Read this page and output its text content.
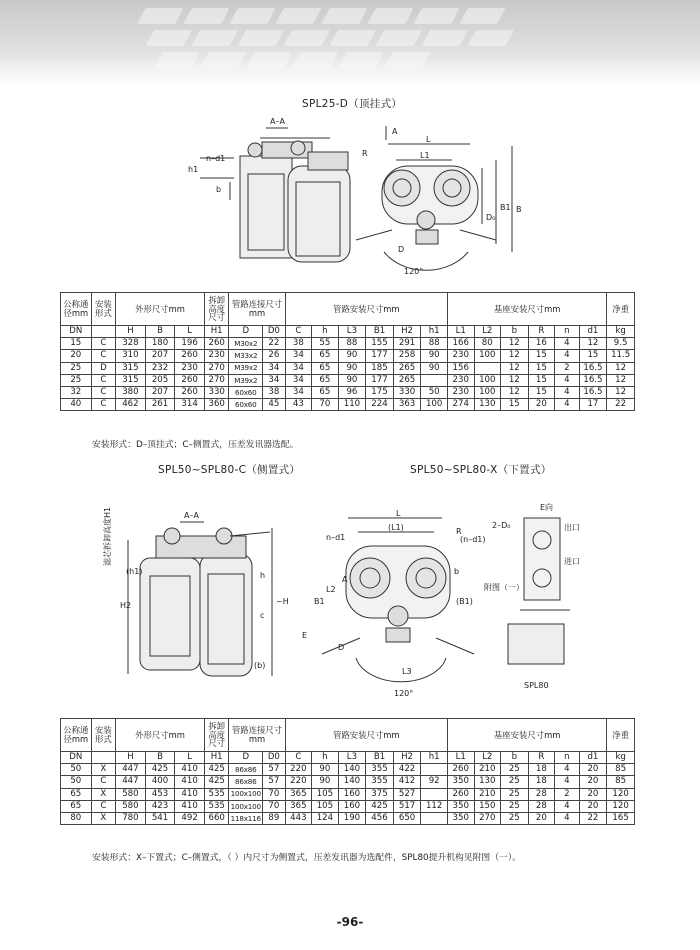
SPL25-D（顶挂式）
A–A
h1
n–d1
b
A
L
L1
R
D₀
B1 B
D
120°
公称通径mm	安装形式	外形尺寸mm			拆卸高度尺寸	管路连接尺寸mm		管路安装尺寸mm						基座安装尺寸mm						净重
DN		H	B	L	H1	D	D0	C	h	L3	B1	H2	h1	L1	L2	b	R	n	d1	kg
15	C	328	180	196	260	M30x2	22	38	55	88	155	291	88	166	80	12	16	4	12	9.5
20	C	310	207	260	230	M33x2	26	34	65	90	177	258	90	230	100	12	15	4	15	11.5
25	D	315	232	230	270	M39x2	34	34	65	90	185	265	90	156		12	15	2	16.5	12
25	C	315	205	260	270	M39x2	34	34	65	90	177	265		230	100	12	15	4	16.5	12
32	C	380	207	260	330	60x60	38	34	65	96	175	330	50	230	100	12	15	4	16.5	12
40	C	462	261	314	360	60x60	45	43	70	110	224	363	100	274	130	15	20	4	17	22
安装形式：D–顶挂式；C–侧置式，压差发讯器选配。
SPL50~SPL80-C（侧置式）	SPL50~SPL80-X（下置式）
滤芯拆卸高度H1	A–A
(h1)	h
c
H2	~H
(b)
L
(L1)
n–d1	(n–d1)
R
A
L2
B1	(B1)
b
E
D
L3
120°
E向
2–D₀	出口
进口
附图（一）
SPL80
公称通径mm	安装形式	外形尺寸mm			拆卸高度尺寸	管路连接尺寸mm		管路安装尺寸mm						基座安装尺寸mm						净重
DN		H	B	L	H1	D	D0	C	h	L3	B1	H2	h1	L1	L2	b	R	n	d1	kg
50	X	447	425	410	425	86x86	57	220	90	140	355	422		260	210	25	18	4	20	85
50	C	447	400	410	425	86x86	57	220	90	140	355	412	92	350	130	25	18	4	20	85
65	X	580	453	410	535	100x100	70	365	105	160	375	527		260	210	25	28	2	20	120
65	C	580	423	410	535	100x100	70	365	105	160	425	517	112	350	150	25	28	4	20	120
80	X	780	541	492	660	118x116	89	443	124	190	456	650		350	270	25	20	4	22	165
安装形式：X–下置式；C–侧置式，（ ）内尺寸为侧置式，压差发讯器为选配件，SPL80提升机构见附图（一）。
-96-
